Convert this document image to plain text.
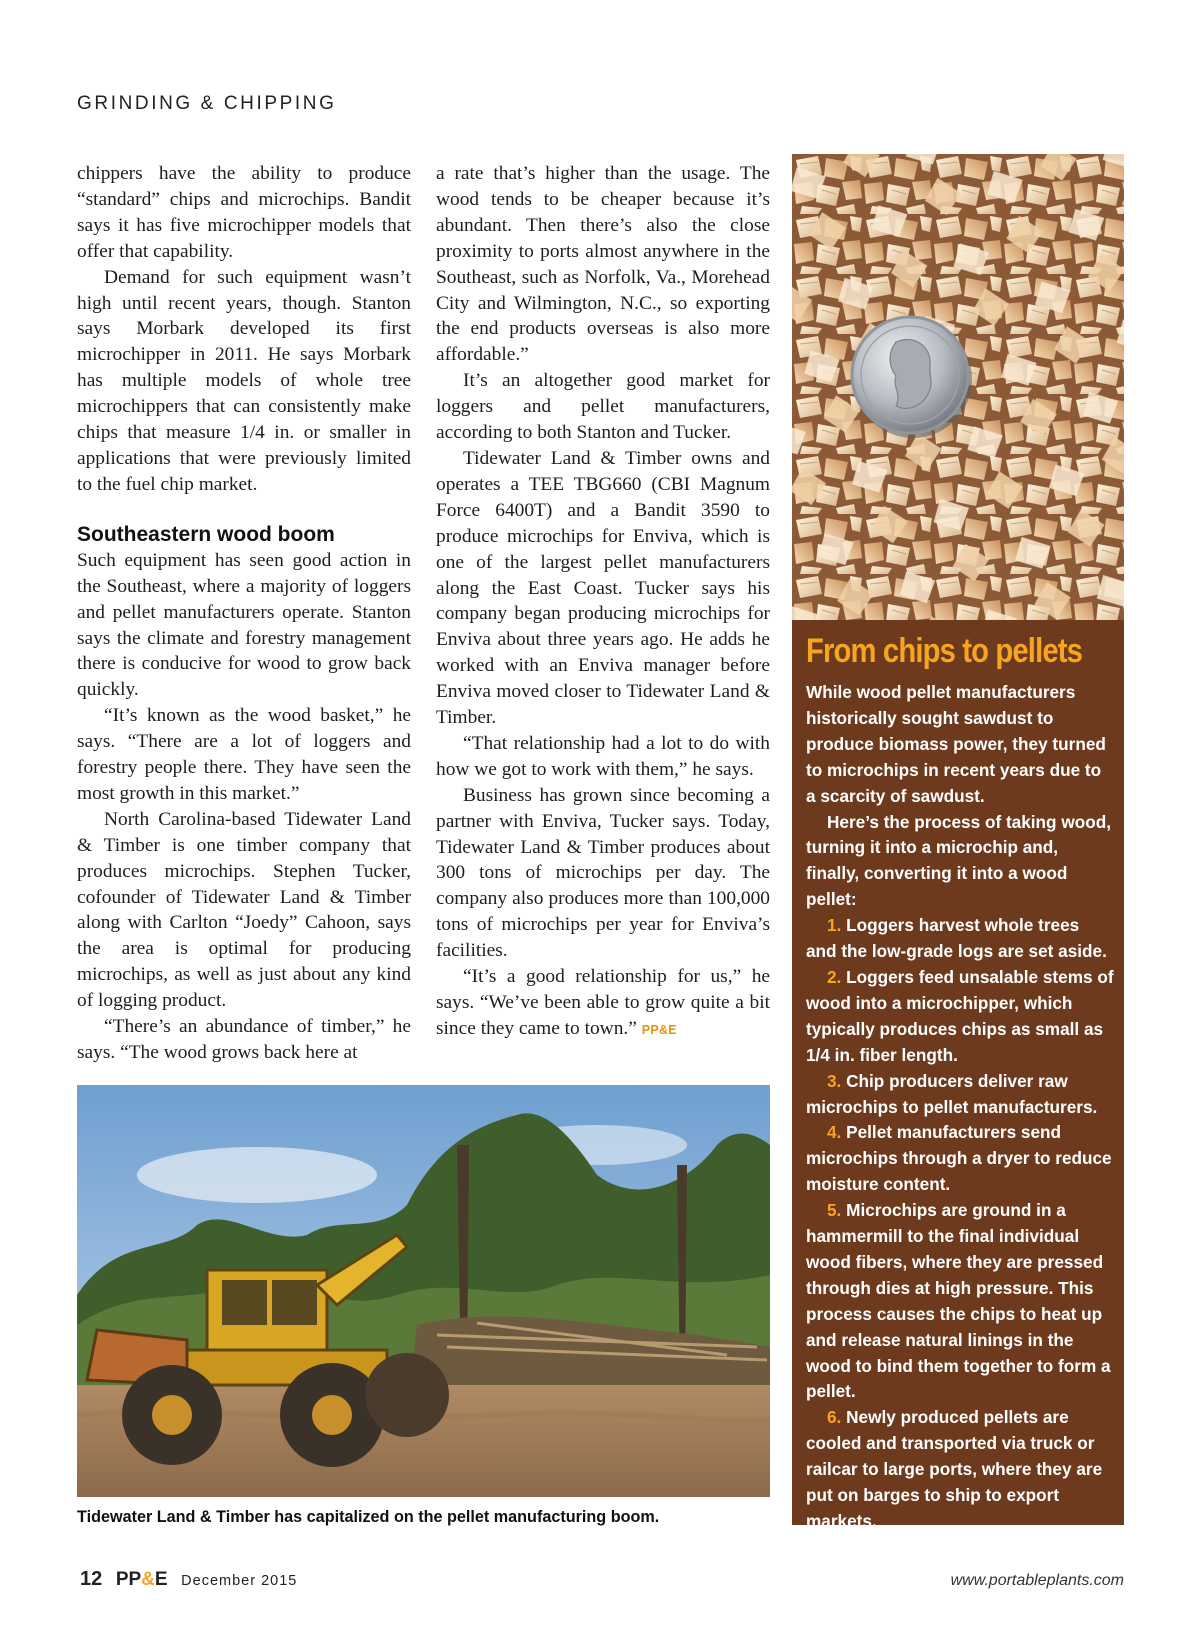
GRINDING & CHIPPING

chippers have the ability to produce “standard” chips and microchips. Bandit says it has five microchipper models that offer that capability.

Demand for such equipment wasn’t high until recent years, though. Stanton says Morbark developed its first microchipper in 2011. He says Morbark has multiple models of whole tree microchippers that can consistently make chips that measure 1/4 in. or smaller in applications that were previously limited to the fuel chip market.

Southeastern wood boom

Such equipment has seen good action in the Southeast, where a majority of loggers and pellet manufacturers operate. Stanton says the climate and forestry management there is conducive for wood to grow back quickly.

“It’s known as the wood basket,” he says. “There are a lot of loggers and forestry people there. They have seen the most growth in this market.”

North Carolina-based Tidewater Land & Timber is one timber company that produces microchips. Stephen Tucker, cofounder of Tidewater Land & Timber along with Carlton “Joedy” Cahoon, says the area is optimal for producing microchips, as well as just about any kind of logging product.

“There’s an abundance of timber,” he says. “The wood grows back here at

a rate that’s higher than the usage. The wood tends to be cheaper because it’s abundant. Then there’s also the close proximity to ports almost anywhere in the Southeast, such as Norfolk, Va., Morehead City and Wilmington, N.C., so exporting the end products overseas is also more affordable.”

It’s an altogether good market for loggers and pellet manufacturers, according to both Stanton and Tucker.

Tidewater Land & Timber owns and operates a TEE TBG660 (CBI Magnum Force 6400T) and a Bandit 3590 to produce microchips for Enviva, which is one of the largest pellet manufacturers along the East Coast. Tucker says his company began producing microchips for Enviva about three years ago. He adds he worked with an Enviva manager before Enviva moved closer to Tidewater Land & Timber.

“That relationship had a lot to do with how we got to work with them,” he says.

Business has grown since becoming a partner with Enviva, Tucker says. Today, Tidewater Land & Timber produces about 300 tons of microchips per day. The company also produces more than 100,000 tons of microchips per year for Enviva’s facilities.

“It’s a good relationship for us,” he says. “We’ve been able to grow quite a bit since they came to town.” PP&E

From chips to pellets

While wood pellet manufacturers historically sought sawdust to produce biomass power, they turned to microchips in recent years due to a scarcity of sawdust.

Here’s the process of taking wood, turning it into a microchip and, finally, converting it into a wood pellet:

1. Loggers harvest whole trees and the low-grade logs are set aside.

2. Loggers feed unsalable stems of wood into a microchipper, which typically produces chips as small as 1/4 in. fiber length.

3. Chip producers deliver raw microchips to pellet manufacturers.

4. Pellet manufacturers send microchips through a dryer to reduce moisture content.

5. Microchips are ground in a hammermill to the final individual wood fibers, where they are pressed through dies at high pressure. This process causes the chips to heat up and release natural linings in the wood to bind them together to form a pellet.

6. Newly produced pellets are cooled and transported via truck or railcar to large ports, where they are put on barges to ship to export markets.

Tidewater Land & Timber has capitalized on the pellet manufacturing boom.
12 PP&E December 2015	www.portableplants.com
